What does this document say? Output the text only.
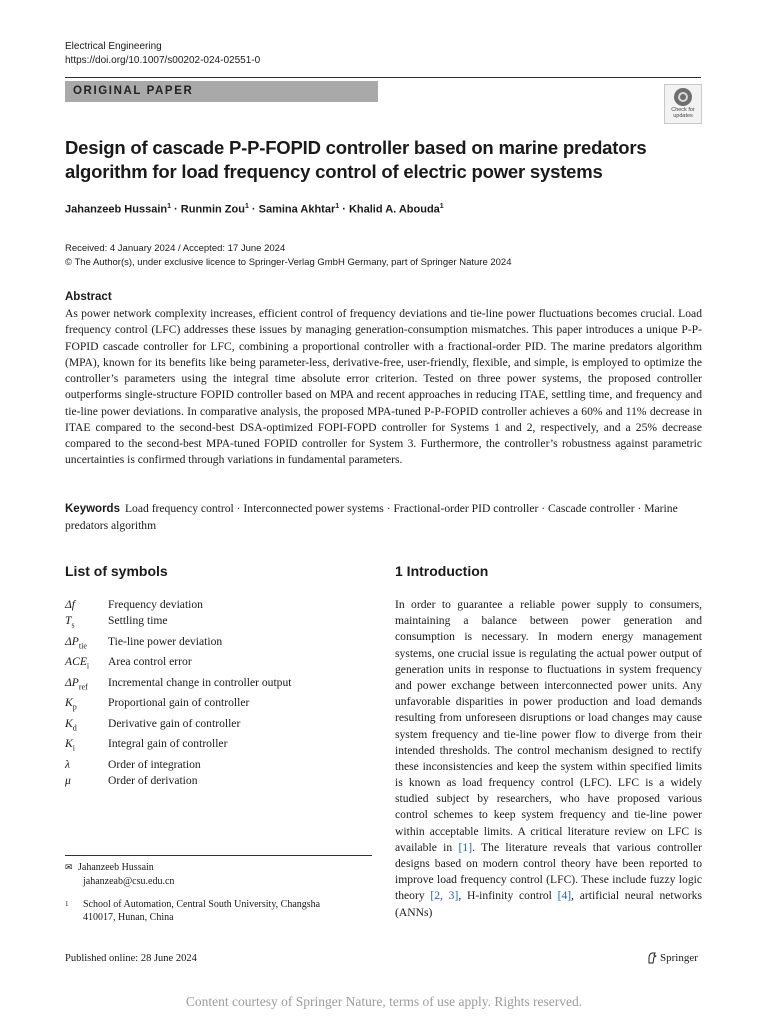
Electrical Engineering
https://doi.org/10.1007/s00202-024-02551-0
ORIGINAL PAPER
Check for
updates
Design of cascade P-P-FOPID controller based on marine predators algorithm for load frequency control of electric power systems
Jahanzeeb Hussain$^1$ · Runmin Zou$^1$ · Samina Akhtar$^1$ · Khalid A. Abouda$^1$
Received: 4 January 2024 / Accepted: 17 June 2024
© The Author(s), under exclusive licence to Springer-Verlag GmbH Germany, part of Springer Nature 2024
Abstract

As power network complexity increases, efficient control of frequency deviations and tie-line power fluctuations becomes crucial. Load frequency control (LFC) addresses these issues by managing generation-consumption mismatches. This paper introduces a unique P-P-FOPID cascade controller for LFC, combining a proportional controller with a fractional-order PID. The marine predators algorithm (MPA), known for its benefits like being parameter-less, derivative-free, user-friendly, flexible, and simple, is employed to optimize the controller’s parameters using the integral time absolute error criterion. Tested on three power systems, the proposed controller outperforms single-structure FOPID controller based on MPA and recent approaches in reducing ITAE, settling time, and frequency and tie-line power deviations. In comparative analysis, the proposed MPA-tuned P-P-FOPID controller achieves a 60% and 11% decrease in ITAE compared to the second-best DSA-optimized FOPI-FOPD controller for Systems 1 and 2, respectively, and a 25% decrease compared to the second-best MPA-tuned FOPID controller for System 3. Furthermore, the controller’s robustness against parametric uncertainties is confirmed through variations in fundamental parameters.

Keywords Load frequency control · Interconnected power systems · Fractional-order PID controller · Cascade controller · Marine predators algorithm

List of symbols	1 Introduction
Δf	Frequency deviation
$T_s$	Settling time
$\Delta P_{tie}$	Tie-line power deviation
$ACE_i$	Area control error
$\Delta P_{ref}$	Incremental change in controller output
$K_p$	Proportional gain of controller
$K_d$	Derivative gain of controller
$K_i$	Integral gain of controller
λ	Order of integration
μ	Order of derivation

In order to guarantee a reliable power supply to consumers, maintaining a balance between power generation and consumption is necessary. In modern energy management systems, one crucial issue is regulating the actual power output of generation units in response to fluctuations in system frequency and power exchange between interconnected power units. Any unfavorable disparities in power production and load demands resulting from unforeseen disruptions or load changes may cause system frequency and tie-line power flow to diverge from their intended thresholds. The control mechanism designed to rectify these inconsistencies and keep the system within specified limits is known as load frequency control (LFC). LFC is a widely studied subject by researchers, who have proposed various control schemes to keep system frequency and tie-line power within acceptable limits. A critical literature review on LFC is available in [1]. The literature reveals that various controller designs based on modern control theory have been reported to improve load frequency control (LFC). These include fuzzy logic theory [2, 3], H-infinity control [4], artificial neural networks (ANNs)

✉ Jahanzeeb Hussain
jahanzeab@csu.edu.cn
1	School of Automation, Central South University, Changsha
410017, Hunan, China
Published online: 28 June 2024	Springer
Content courtesy of Springer Nature, terms of use apply. Rights reserved.
